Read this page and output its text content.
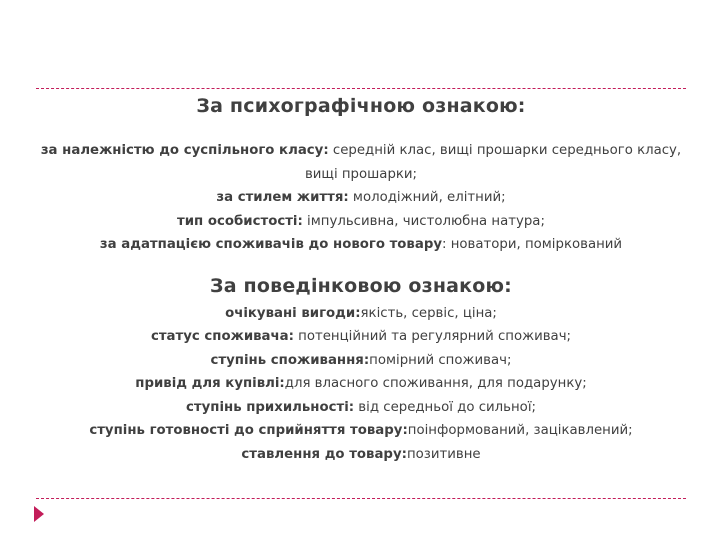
За психографічною ознакою:
за належністю до суспільного класу: середній клас, вищі прошарки середнього класу, вищі прошарки;
за стилем життя: молодіжний, елітний;
тип особистості: імпульсивна, чистолюбна натура;
за адатпацією споживачів до нового товару: новатори, поміркований
За поведінковою ознакою:
очікувані вигоди:якість, сервіс, ціна;
статус споживача: потенційний та регулярний споживач;
ступінь споживання:помірний споживач;
привід для купівлі:для власного споживання, для подарунку;
ступінь прихильності: від середньої до сильної;
ступінь готовності до сприйняття товару:поінформований, зацікавлений;
ставлення до товару:позитивне
